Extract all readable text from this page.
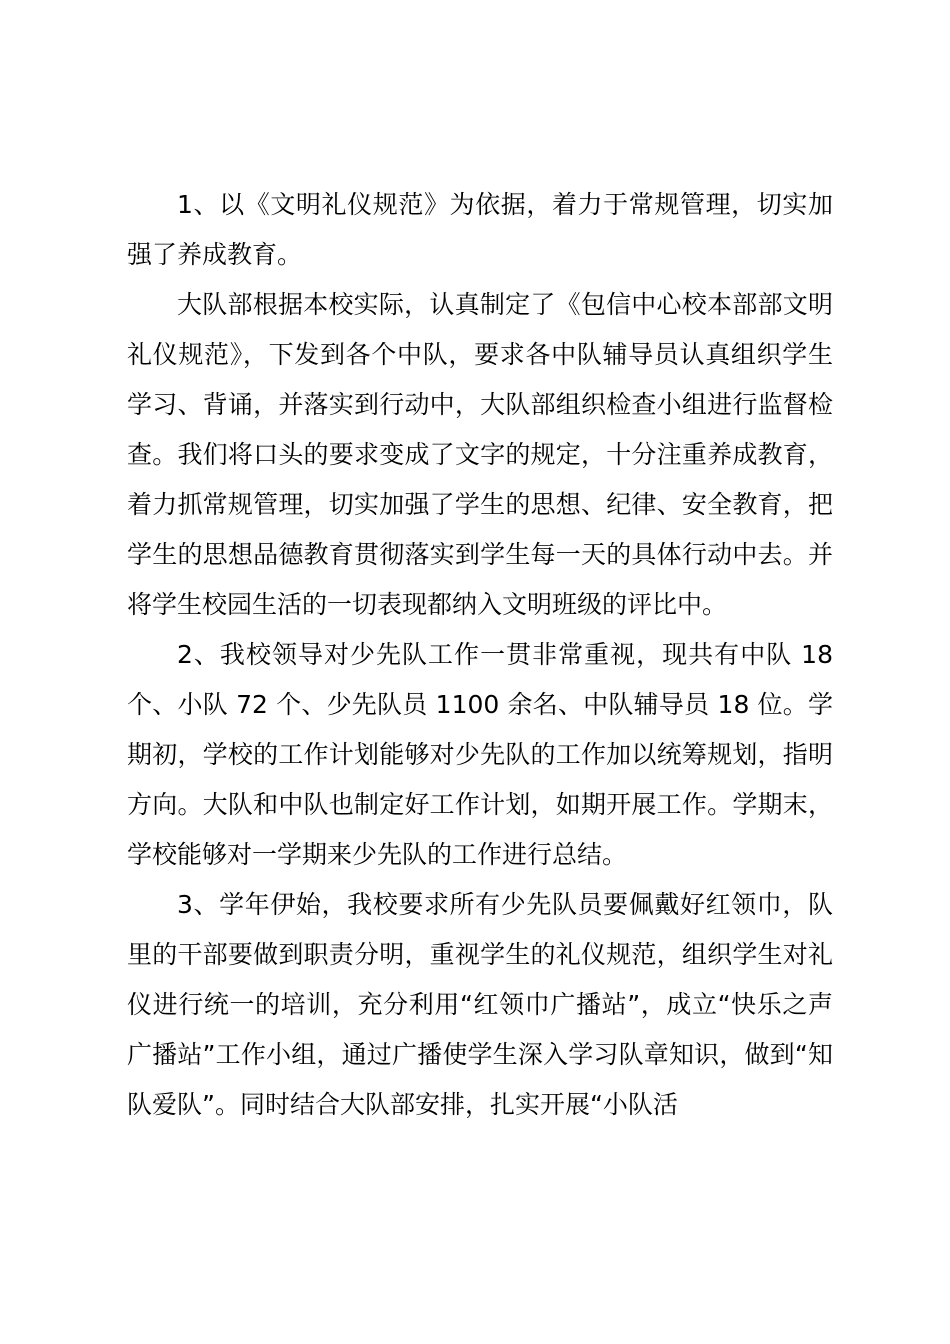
1、以《文明礼仪规范》为依据，着力于常规管理，切实加强了养成教育。

大队部根据本校实际，认真制定了《包信中心校本部部文明礼仪规范》，下发到各个中队，要求各中队辅导员认真组织学生学习、背诵，并落实到行动中，大队部组织检查小组进行监督检查。我们将口头的要求变成了文字的规定，十分注重养成教育，着力抓常规管理，切实加强了学生的思想、纪律、安全教育，把学生的思想品德教育贯彻落实到学生每一天的具体行动中去。并将学生校园生活的一切表现都纳入文明班级的评比中。

2、我校领导对少先队工作一贯非常重视，现共有中队 18 个、小队 72 个、少先队员 1100 余名、中队辅导员 18 位。学期初，学校的工作计划能够对少先队的工作加以统筹规划，指明方向。大队和中队也制定好工作计划，如期开展工作。学期末，学校能够对一学期来少先队的工作进行总结。

3、学年伊始，我校要求所有少先队员要佩戴好红领巾，队里的干部要做到职责分明，重视学生的礼仪规范，组织学生对礼仪进行统一的培训，充分利用“红领巾广播站”，成立“快乐之声广播站”工作小组，通过广播使学生深入学习队章知识，做到“知队爱队”。同时结合大队部安排，扎实开展“小队活
